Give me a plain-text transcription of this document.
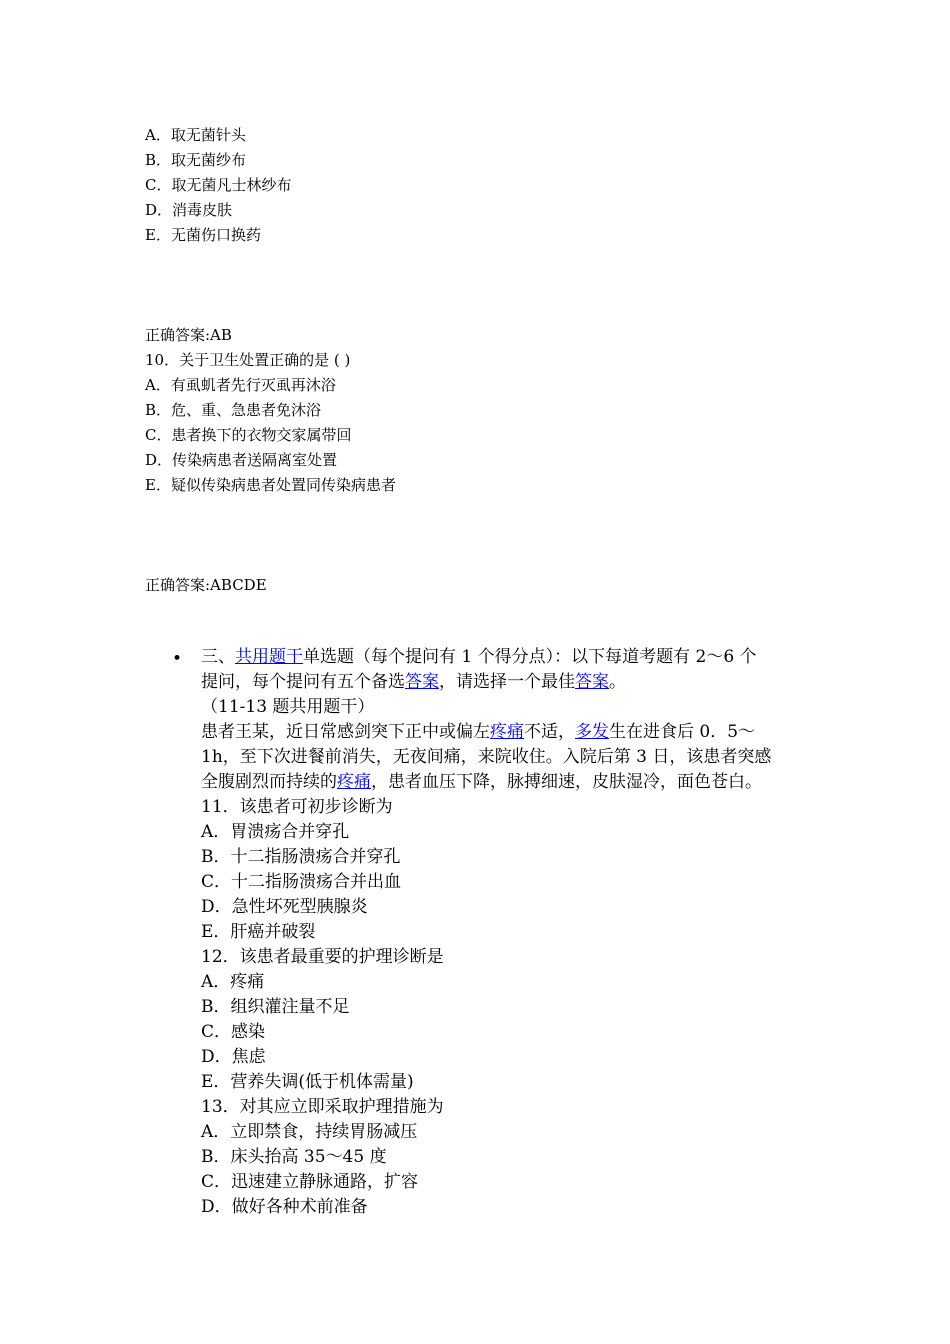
A．取无菌针头
B．取无菌纱布
C．取无菌凡士林纱布
D．消毒皮肤
E．无菌伤口换药
正确答案:AB
10．关于卫生处置正确的是 ( )
A．有虱虮者先行灭虱再沐浴
B．危、重、急患者免沐浴
C．患者换下的衣物交家属带回
D．传染病患者送隔离室处置
E．疑似传染病患者处置同传染病患者
正确答案:ABCDE
• 三、共用题干单选题（每个提问有 1 个得分点）：以下每道考题有 2～6 个
提问，每个提问有五个备选答案，请选择一个最佳答案。
（11-13 题共用题干）
患者王某，近日常感剑突下正中或偏左疼痛不适，多发生在进食后 0．5～
1h，至下次进餐前消失，无夜间痛，来院收住。入院后第 3 日，该患者突感
全腹剧烈而持续的疼痛，患者血压下降，脉搏细速，皮肤湿冷，面色苍白。
11．该患者可初步诊断为
A．胃溃疡合并穿孔
B．十二指肠溃疡合并穿孔
C．十二指肠溃疡合并出血
D．急性坏死型胰腺炎
E．肝癌并破裂
12．该患者最重要的护理诊断是
A．疼痛
B．组织灌注量不足
C．感染
D．焦虑
E．营养失调(低于机体需量)
13．对其应立即采取护理措施为
A．立即禁食，持续胃肠减压
B．床头抬高 35～45 度
C．迅速建立静脉通路，扩容
D．做好各种术前准备
